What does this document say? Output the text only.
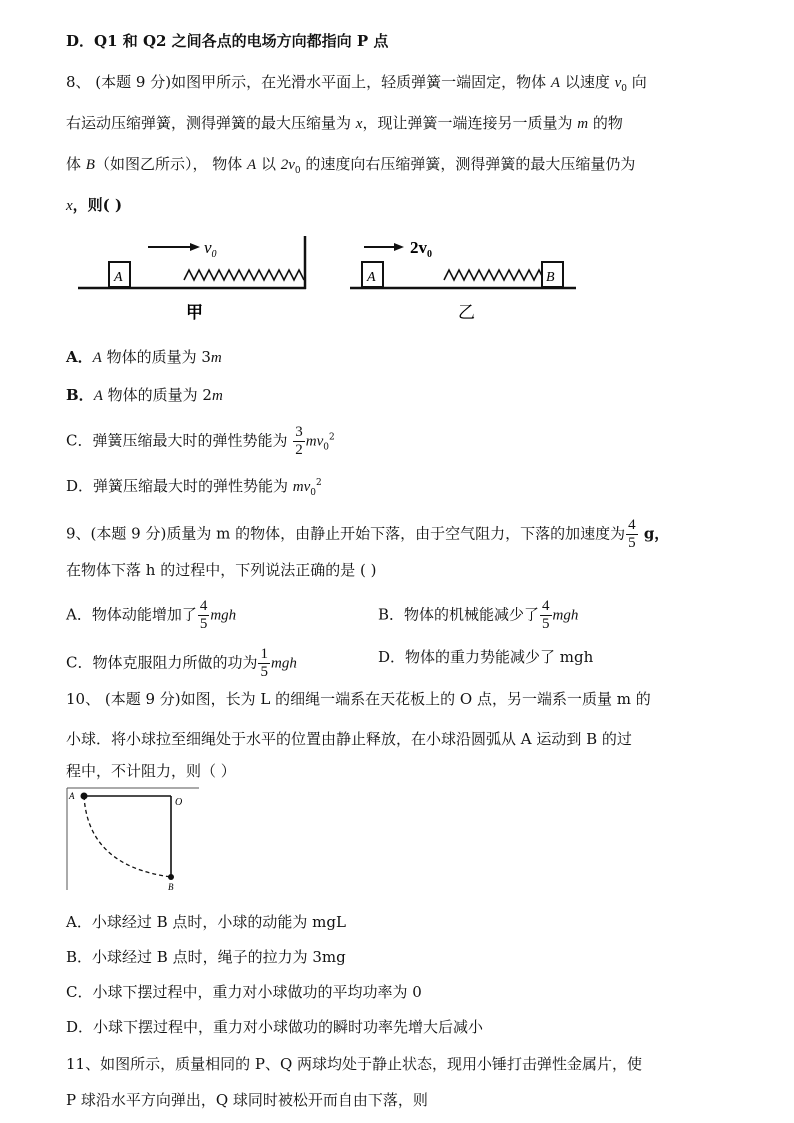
D．Q1 和 Q2 之间各点的电场方向都指向 P 点
8、 (本题 9 分)如图甲所示，在光滑水平面上，轻质弹簧一端固定，物体 A 以速度 $v_0$ 向
右运动压缩弹簧，测得弹簧的最大压缩量为 x，现让弹簧一端连接另一质量为 m 的物
体 B（如图乙所示）， 物体 A 以 $2v_0$ 的速度向右压缩弹簧，测得弹簧的最大压缩量仍为
x，则( )
A
$v_0$
甲
A	B
$2v_0$
乙
A．A 物体的质量为 3m
B．A 物体的质量为 2m
C．弹簧压缩最大时的弹性势能为 $\frac{3}{2} mv_0^2$
D．弹簧压缩最大时的弹性势能为 $mv_0^2$
9、(本题 9 分)质量为 m 的物体，由静止开始下落，由于空气阻力，下落的加速度为 $\frac{4}{5}$ g，
在物体下落 h 的过程中，下列说法正确的是 ( )
A．物体动能增加了 $\frac{4}{5}$ mgh	B．物体的机械能减少了 $\frac{4}{5}$ mgh
C．物体克服阻力所做的功为 $\frac{1}{5}$ mgh	D．物体的重力势能减少了 mgh
10、 (本题 9 分)如图，长为 L 的细绳一端系在天花板上的 O 点，另一端系一质量 m 的
小球．将小球拉至细绳处于水平的位置由静止释放，在小球沿圆弧从 A 运动到 B 的过
程中，不计阻力，则（ ）
A
O
B
A．小球经过 B 点时，小球的动能为 mgL
B．小球经过 B 点时，绳子的拉力为 3mg
C．小球下摆过程中，重力对小球做功的平均功率为 0
D．小球下摆过程中，重力对小球做功的瞬时功率先增大后减小
11、如图所示，质量相同的 P、Q 两球均处于静止状态，现用小锤打击弹性金属片，使
P 球沿水平方向弹出，Q 球同时被松开而自由下落，则
